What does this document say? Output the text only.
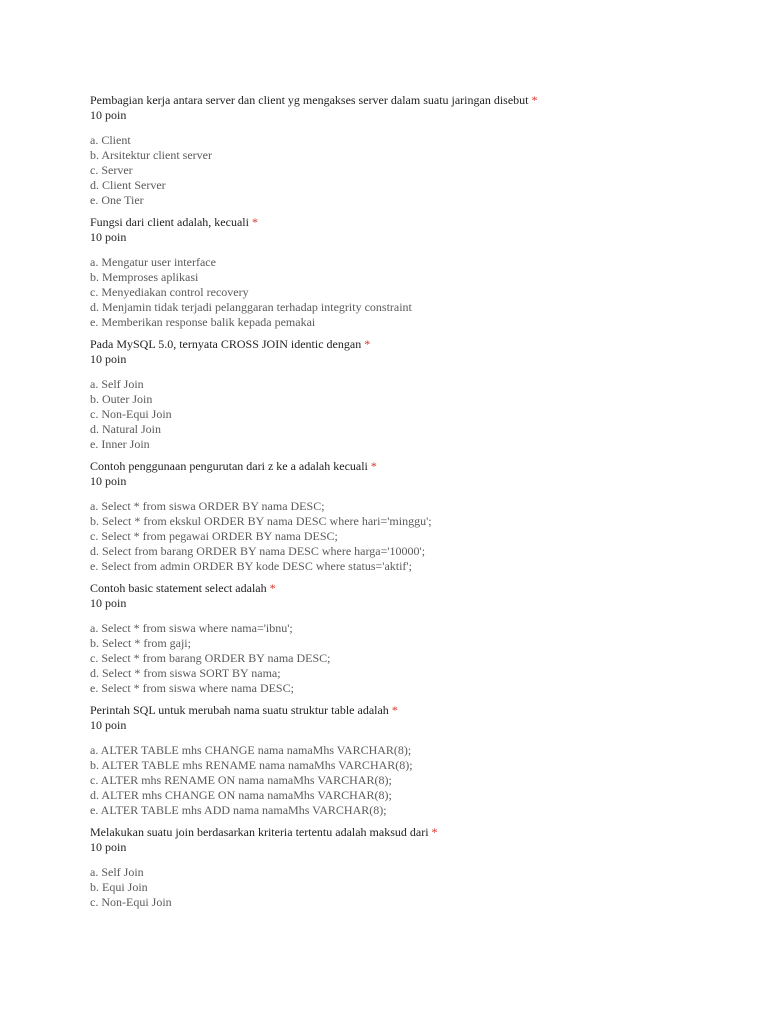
Pembagian kerja antara server dan client yg mengakses server dalam suatu jaringan disebut *
10 poin
a. Client
b. Arsitektur client server
c. Server
d. Client Server
e. One Tier
Fungsi dari client adalah, kecuali *
10 poin
a. Mengatur user interface
b. Memproses aplikasi
c. Menyediakan control recovery
d. Menjamin tidak terjadi pelanggaran terhadap integrity constraint
e. Memberikan response balik kepada pemakai
Pada MySQL 5.0, ternyata CROSS JOIN identic dengan *
10 poin
a. Self Join
b. Outer Join
c. Non-Equi Join
d. Natural Join
e. Inner Join
Contoh penggunaan pengurutan dari z ke a adalah kecuali *
10 poin
a. Select * from siswa ORDER BY nama DESC;
b. Select * from ekskul ORDER BY nama DESC where hari='minggu';
c. Select * from pegawai ORDER BY nama DESC;
d. Select from barang ORDER BY nama DESC where harga='10000';
e. Select from admin ORDER BY kode DESC where status='aktif';
Contoh basic statement select adalah *
10 poin
a. Select * from siswa where nama='ibnu';
b. Select * from gaji;
c. Select * from barang ORDER BY nama DESC;
d. Select * from siswa SORT BY nama;
e. Select * from siswa where nama DESC;
Perintah SQL untuk merubah nama suatu struktur table adalah *
10 poin
a. ALTER TABLE mhs CHANGE nama namaMhs VARCHAR(8);
b. ALTER TABLE mhs RENAME nama namaMhs VARCHAR(8);
c. ALTER mhs RENAME ON nama namaMhs VARCHAR(8);
d. ALTER mhs CHANGE ON nama namaMhs VARCHAR(8);
e. ALTER TABLE mhs ADD nama namaMhs VARCHAR(8);
Melakukan suatu join berdasarkan kriteria tertentu adalah maksud dari *
10 poin
a. Self Join
b. Equi Join
c. Non-Equi Join
